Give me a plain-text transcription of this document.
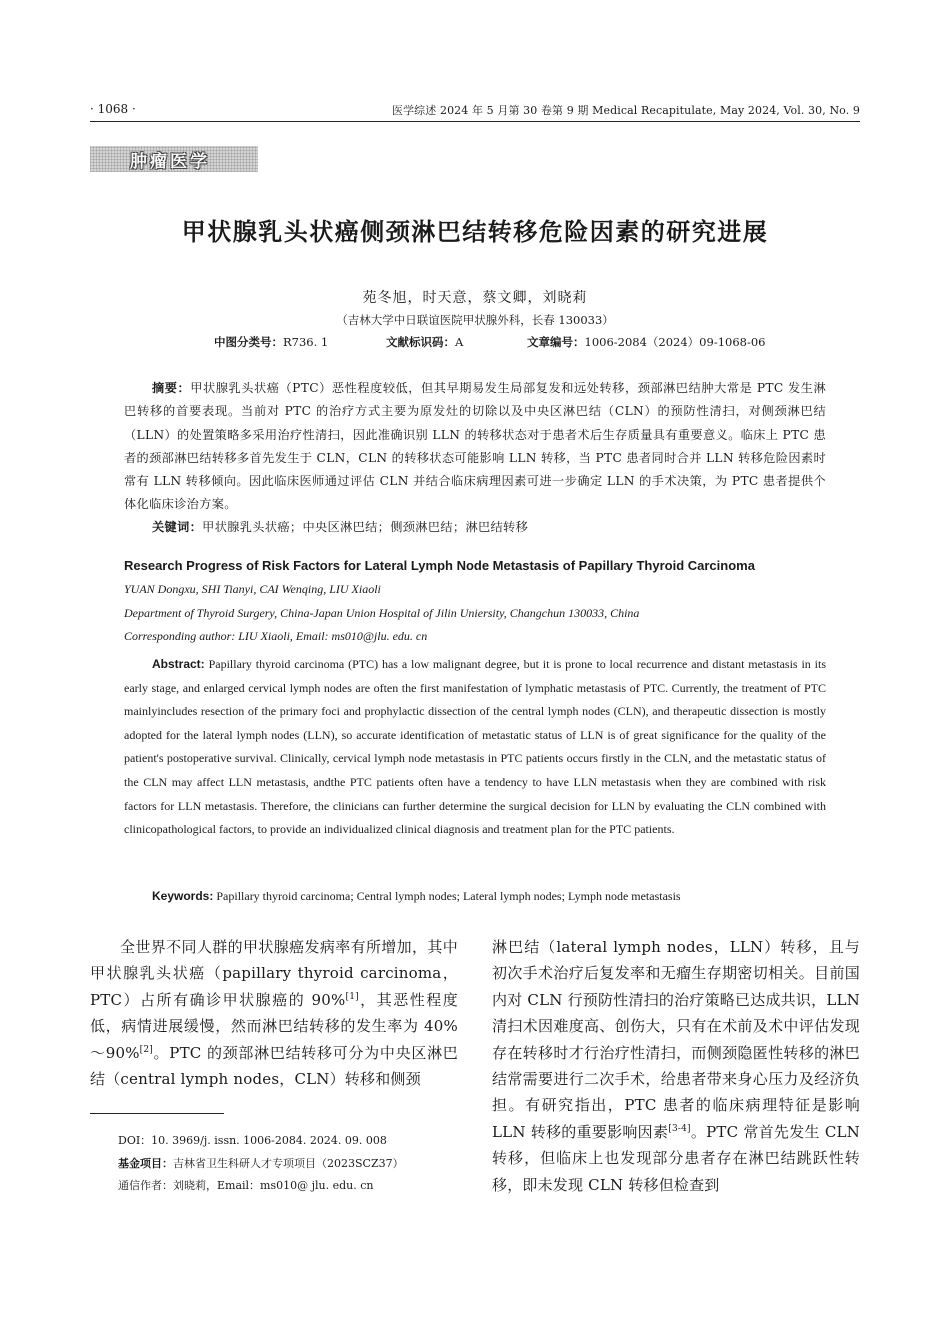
· 1068 ·	医学综述 2024 年 5 月第 30 卷第 9 期 Medical Recapitulate, May 2024, Vol. 30, No. 9
肿瘤医学
甲状腺乳头状癌侧颈淋巴结转移危险因素的研究进展
苑冬旭，时天意，蔡文卿，刘晓莉
（吉林大学中日联谊医院甲状腺外科，长春 130033）
中图分类号：R736. 1	文献标识码：A	文章编号：1006-2084（2024）09-1068-06
摘要：甲状腺乳头状癌（PTC）恶性程度较低，但其早期易发生局部复发和远处转移，颈部淋巴结肿大常是 PTC 发生淋巴转移的首要表现。当前对 PTC 的治疗方式主要为原发灶的切除以及中央区淋巴结（CLN）的预防性清扫，对侧颈淋巴结（LLN）的处置策略多采用治疗性清扫，因此准确识别 LLN 的转移状态对于患者术后生存质量具有重要意义。临床上 PTC 患者的颈部淋巴结转移多首先发生于 CLN，CLN 的转移状态可能影响 LLN 转移，当 PTC 患者同时合并 LLN 转移危险因素时常有 LLN 转移倾向。因此临床医师通过评估 CLN 并结合临床病理因素可进一步确定 LLN 的手术决策，为 PTC 患者提供个体化临床诊治方案。
关键词：甲状腺乳头状癌；中央区淋巴结；侧颈淋巴结；淋巴结转移
Research Progress of Risk Factors for Lateral Lymph Node Metastasis of Papillary Thyroid Carcinoma
YUAN Dongxu, SHI Tianyi, CAI Wenqing, LIU Xiaoli
Department of Thyroid Surgery, China-Japan Union Hospital of Jilin Uniersity, Changchun 130033, China
Corresponding author: LIU Xiaoli, Email: ms010@jlu. edu. cn
Abstract: Papillary thyroid carcinoma (PTC) has a low malignant degree, but it is prone to local recurrence and distant metastasis in its early stage, and enlarged cervical lymph nodes are often the first manifestation of lymphatic metastasis of PTC. Currently, the treatment of PTC mainlyincludes resection of the primary foci and prophylactic dissection of the central lymph nodes (CLN), and therapeutic dissection is mostly adopted for the lateral lymph nodes (LLN), so accurate identification of metastatic status of LLN is of great significance for the quality of the patient's postoperative survival. Clinically, cervical lymph node metastasis in PTC patients occurs firstly in the CLN, and the metastatic status of the CLN may affect LLN metastasis, andthe PTC patients often have a tendency to have LLN metastasis when they are combined with risk factors for LLN metastasis. Therefore, the clinicians can further determine the surgical decision for LLN by evaluating the CLN combined with clinicopathological factors, to provide an individualized clinical diagnosis and treatment plan for the PTC patients.
Keywords: Papillary thyroid carcinoma; Central lymph nodes; Lateral lymph nodes; Lymph node metastasis

全世界不同人群的甲状腺癌发病率有所增加，其中甲状腺乳头状癌（papillary thyroid carcinoma，PTC）占所有确诊甲状腺癌的 90%[1]，其恶性程度低，病情进展缓慢，然而淋巴结转移的发生率为 40%～90%[2]。PTC 的颈部淋巴结转移可分为中央区淋巴结（central lymph nodes，CLN）转移和侧颈

淋巴结（lateral lymph nodes，LLN）转移，且与初次手术治疗后复发率和无瘤生存期密切相关。目前国内对 CLN 行预防性清扫的治疗策略已达成共识，LLN 清扫术因难度高、创伤大，只有在术前及术中评估发现存在转移时才行治疗性清扫，而侧颈隐匿性转移的淋巴结常需要进行二次手术，给患者带来身心压力及经济负担。有研究指出，PTC 患者的临床病理特征是影响 LLN 转移的重要影响因素[3-4]。PTC 常首先发生 CLN 转移，但临床上也发现部分患者存在淋巴结跳跃性转移，即未发现 CLN 转移但检查到

DOI：10. 3969/j. issn. 1006-2084. 2024. 09. 008
基金项目：吉林省卫生科研人才专项项目（2023SCZ37）
通信作者：刘晓莉，Email：ms010@ jlu. edu. cn
